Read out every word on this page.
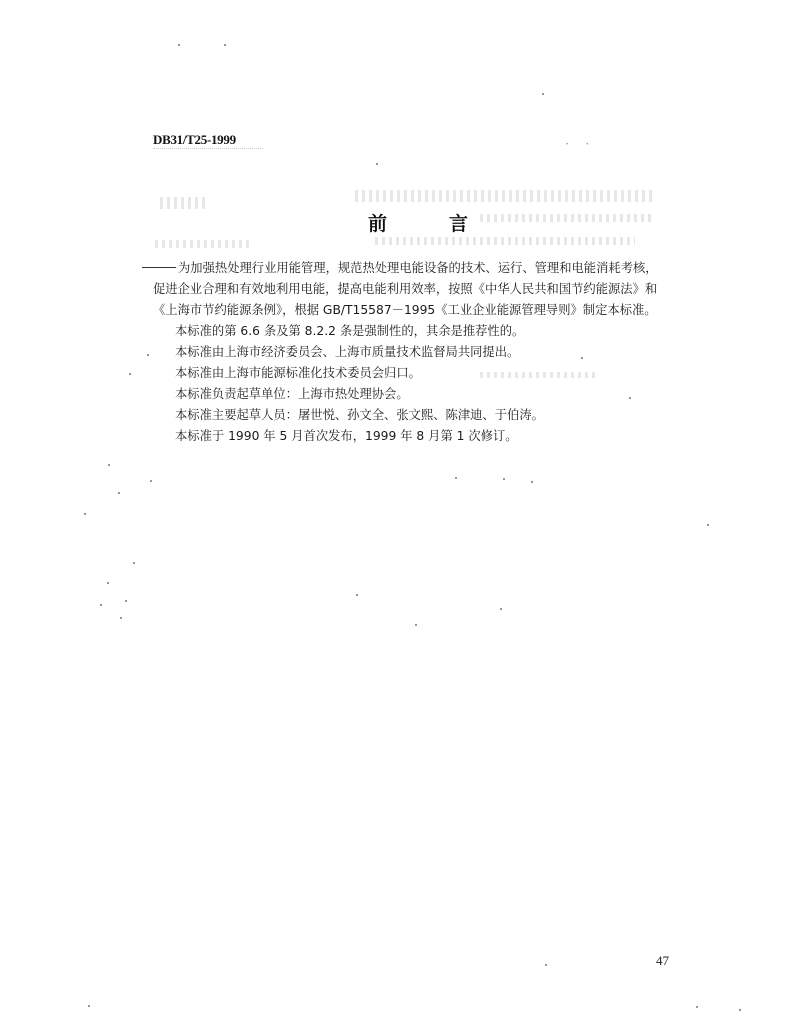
DB31/T25-1999	· ·
前	言

为加强热处理行业用能管理，规范热处理电能设备的技术、运行、管理和电能消耗考核，

促进企业合理和有效地利用电能，提高电能利用效率，按照《中华人民共和国节约能源法》和

《上海市节约能源条例》，根据 GB/T15587－1995《工业企业能源管理导则》制定本标准。

本标准的第 6.6 条及第 8.2.2 条是强制性的，其余是推荐性的。

本标准由上海市经济委员会、上海市质量技术监督局共同提出。

本标准由上海市能源标准化技术委员会归口。

本标准负责起草单位：上海市热处理协会。

本标准主要起草人员：屠世悦、孙文全、张文熙、陈津迪、于伯涛。

本标准于 1990 年 5 月首次发布，1999 年 8 月第 1 次修订。

47
